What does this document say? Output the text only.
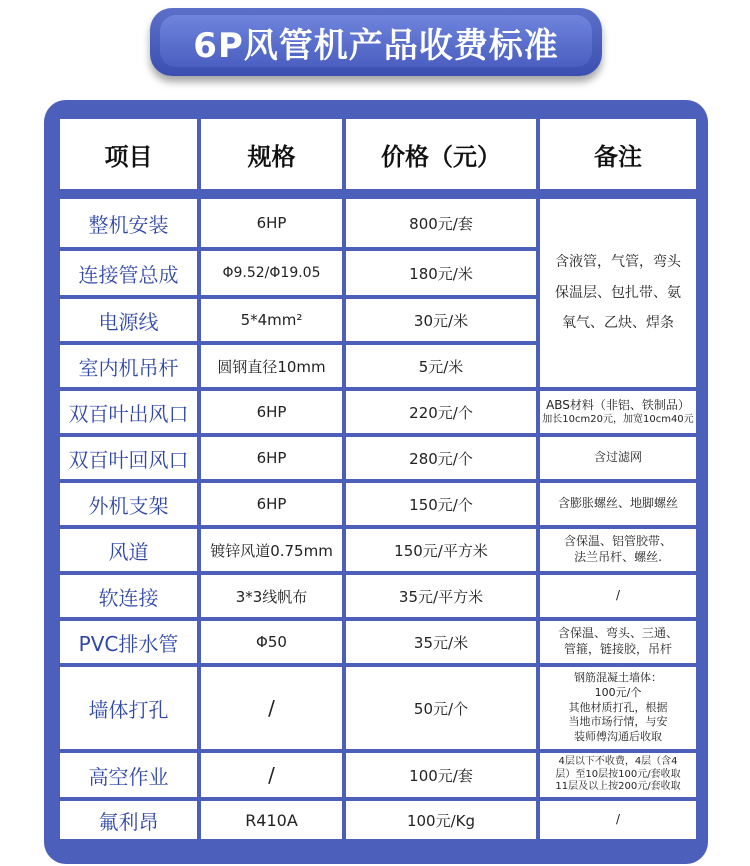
6P风管机产品收费标准
项目	规格	价格（元）	备注

整机安装	6HP	800元/套	含液管，气管，弯头
保温层、包扎带、氨
氧气、乙炔、焊条

连接管总成	Φ9.52/Φ19.05	180元/米	
电源线	5*4mm²	30元/米	
室内机吊杆	圆钢直径10mm	5元/米	
双百叶出风口	6HP	220元/个	ABS材料（非铝、铁制品）
加长10cm20元，加宽10cm40元

双百叶回风口	6HP	280元/个	含过滤网
外机支架	6HP	150元/个	含膨胀螺丝、地脚螺丝
风道	镀锌风道0.75mm	150元/平方米	含保温、铝管胶带、
法兰吊杆、螺丝.

软连接	3*3线帆布	35元/平方米	/
PVC排水管	Φ50	35元/米	含保温、弯头、三通、
管箍，链接胶，吊杆

墙体打孔	/	50元/个	钢筋混凝土墙体：
100元/个
其他材质打孔，根据
当地市场行情，与安
装师傅沟通后收取

高空作业	/	100元/套	4层以下不收费，4层（含4
层）至10层按100元/套收取
11层及以上按200元/套收取

氟利昂	R410A	100元/Kg	/
